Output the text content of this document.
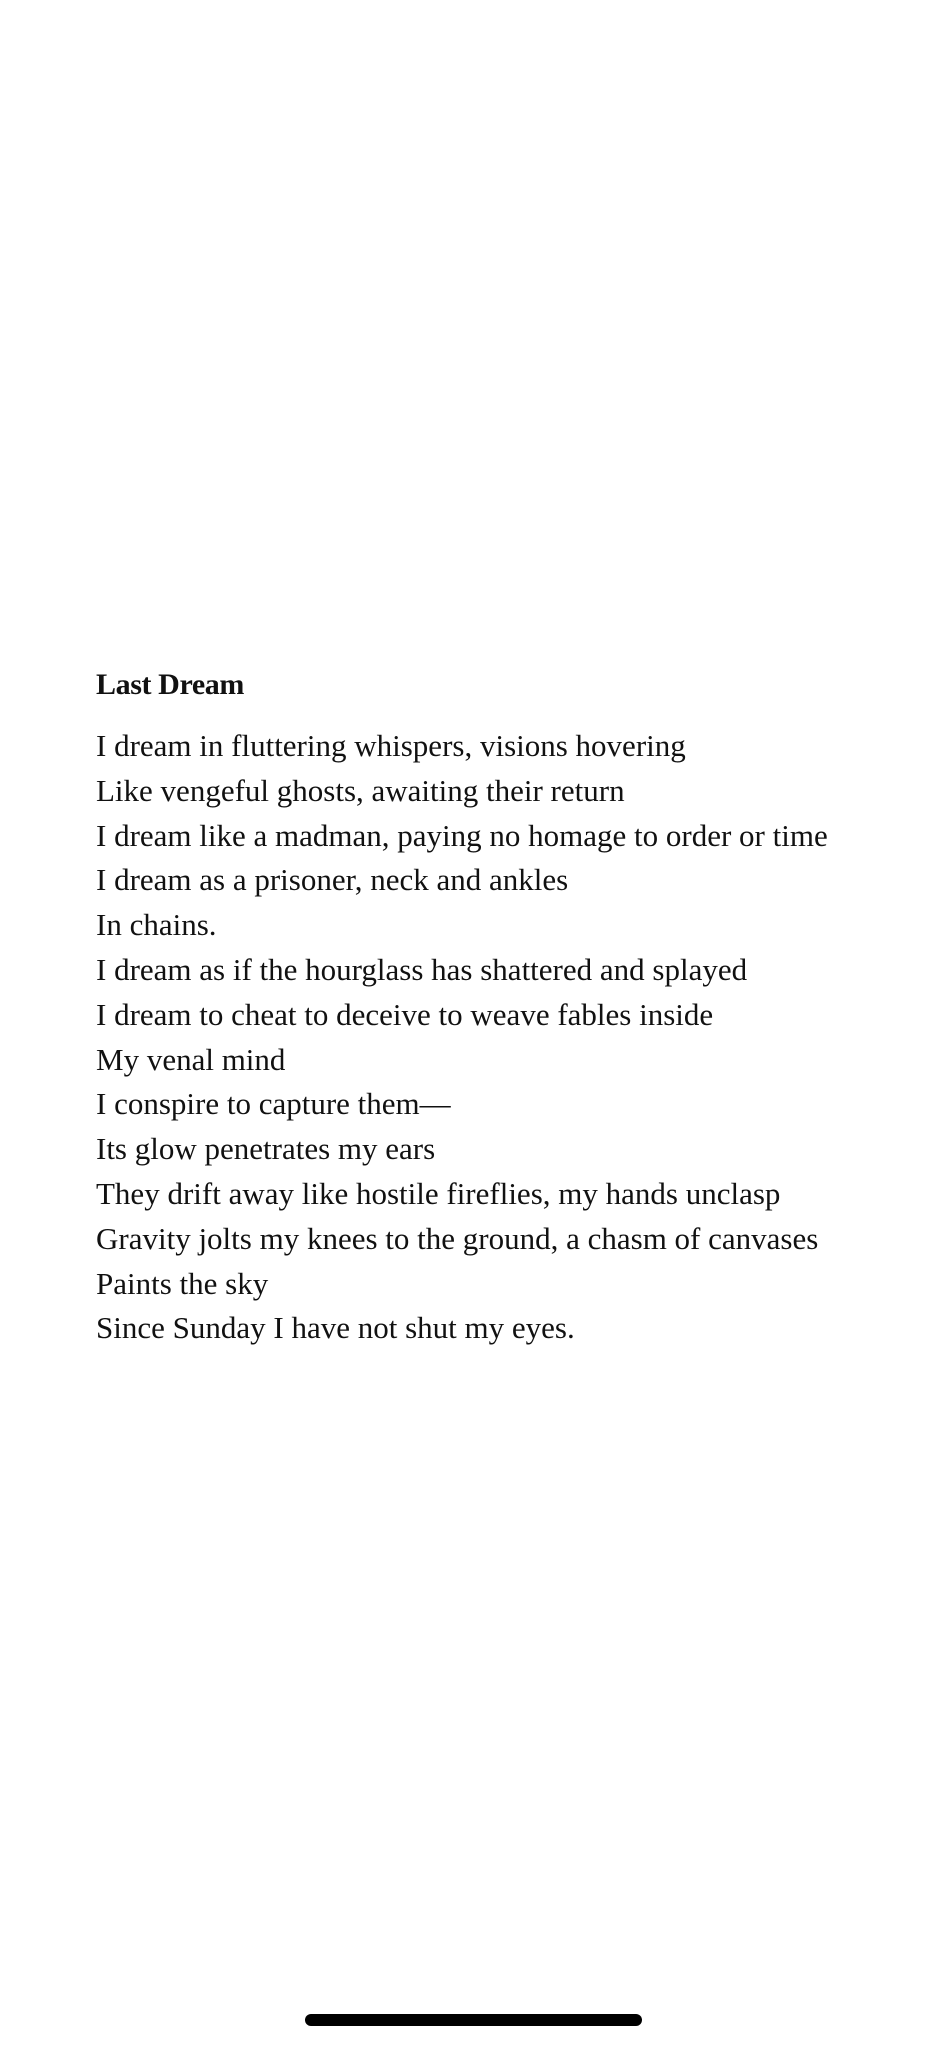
Last Dream
I dream in fluttering whispers, visions hovering
Like vengeful ghosts, awaiting their return
I dream like a madman, paying no homage to order or time
I dream as a prisoner, neck and ankles
In chains.
I dream as if the hourglass has shattered and splayed
I dream to cheat to deceive to weave fables inside
My venal mind
I conspire to capture them—
Its glow penetrates my ears
They drift away like hostile fireflies, my hands unclasp
Gravity jolts my knees to the ground, a chasm of canvases
Paints the sky
Since Sunday I have not shut my eyes.
